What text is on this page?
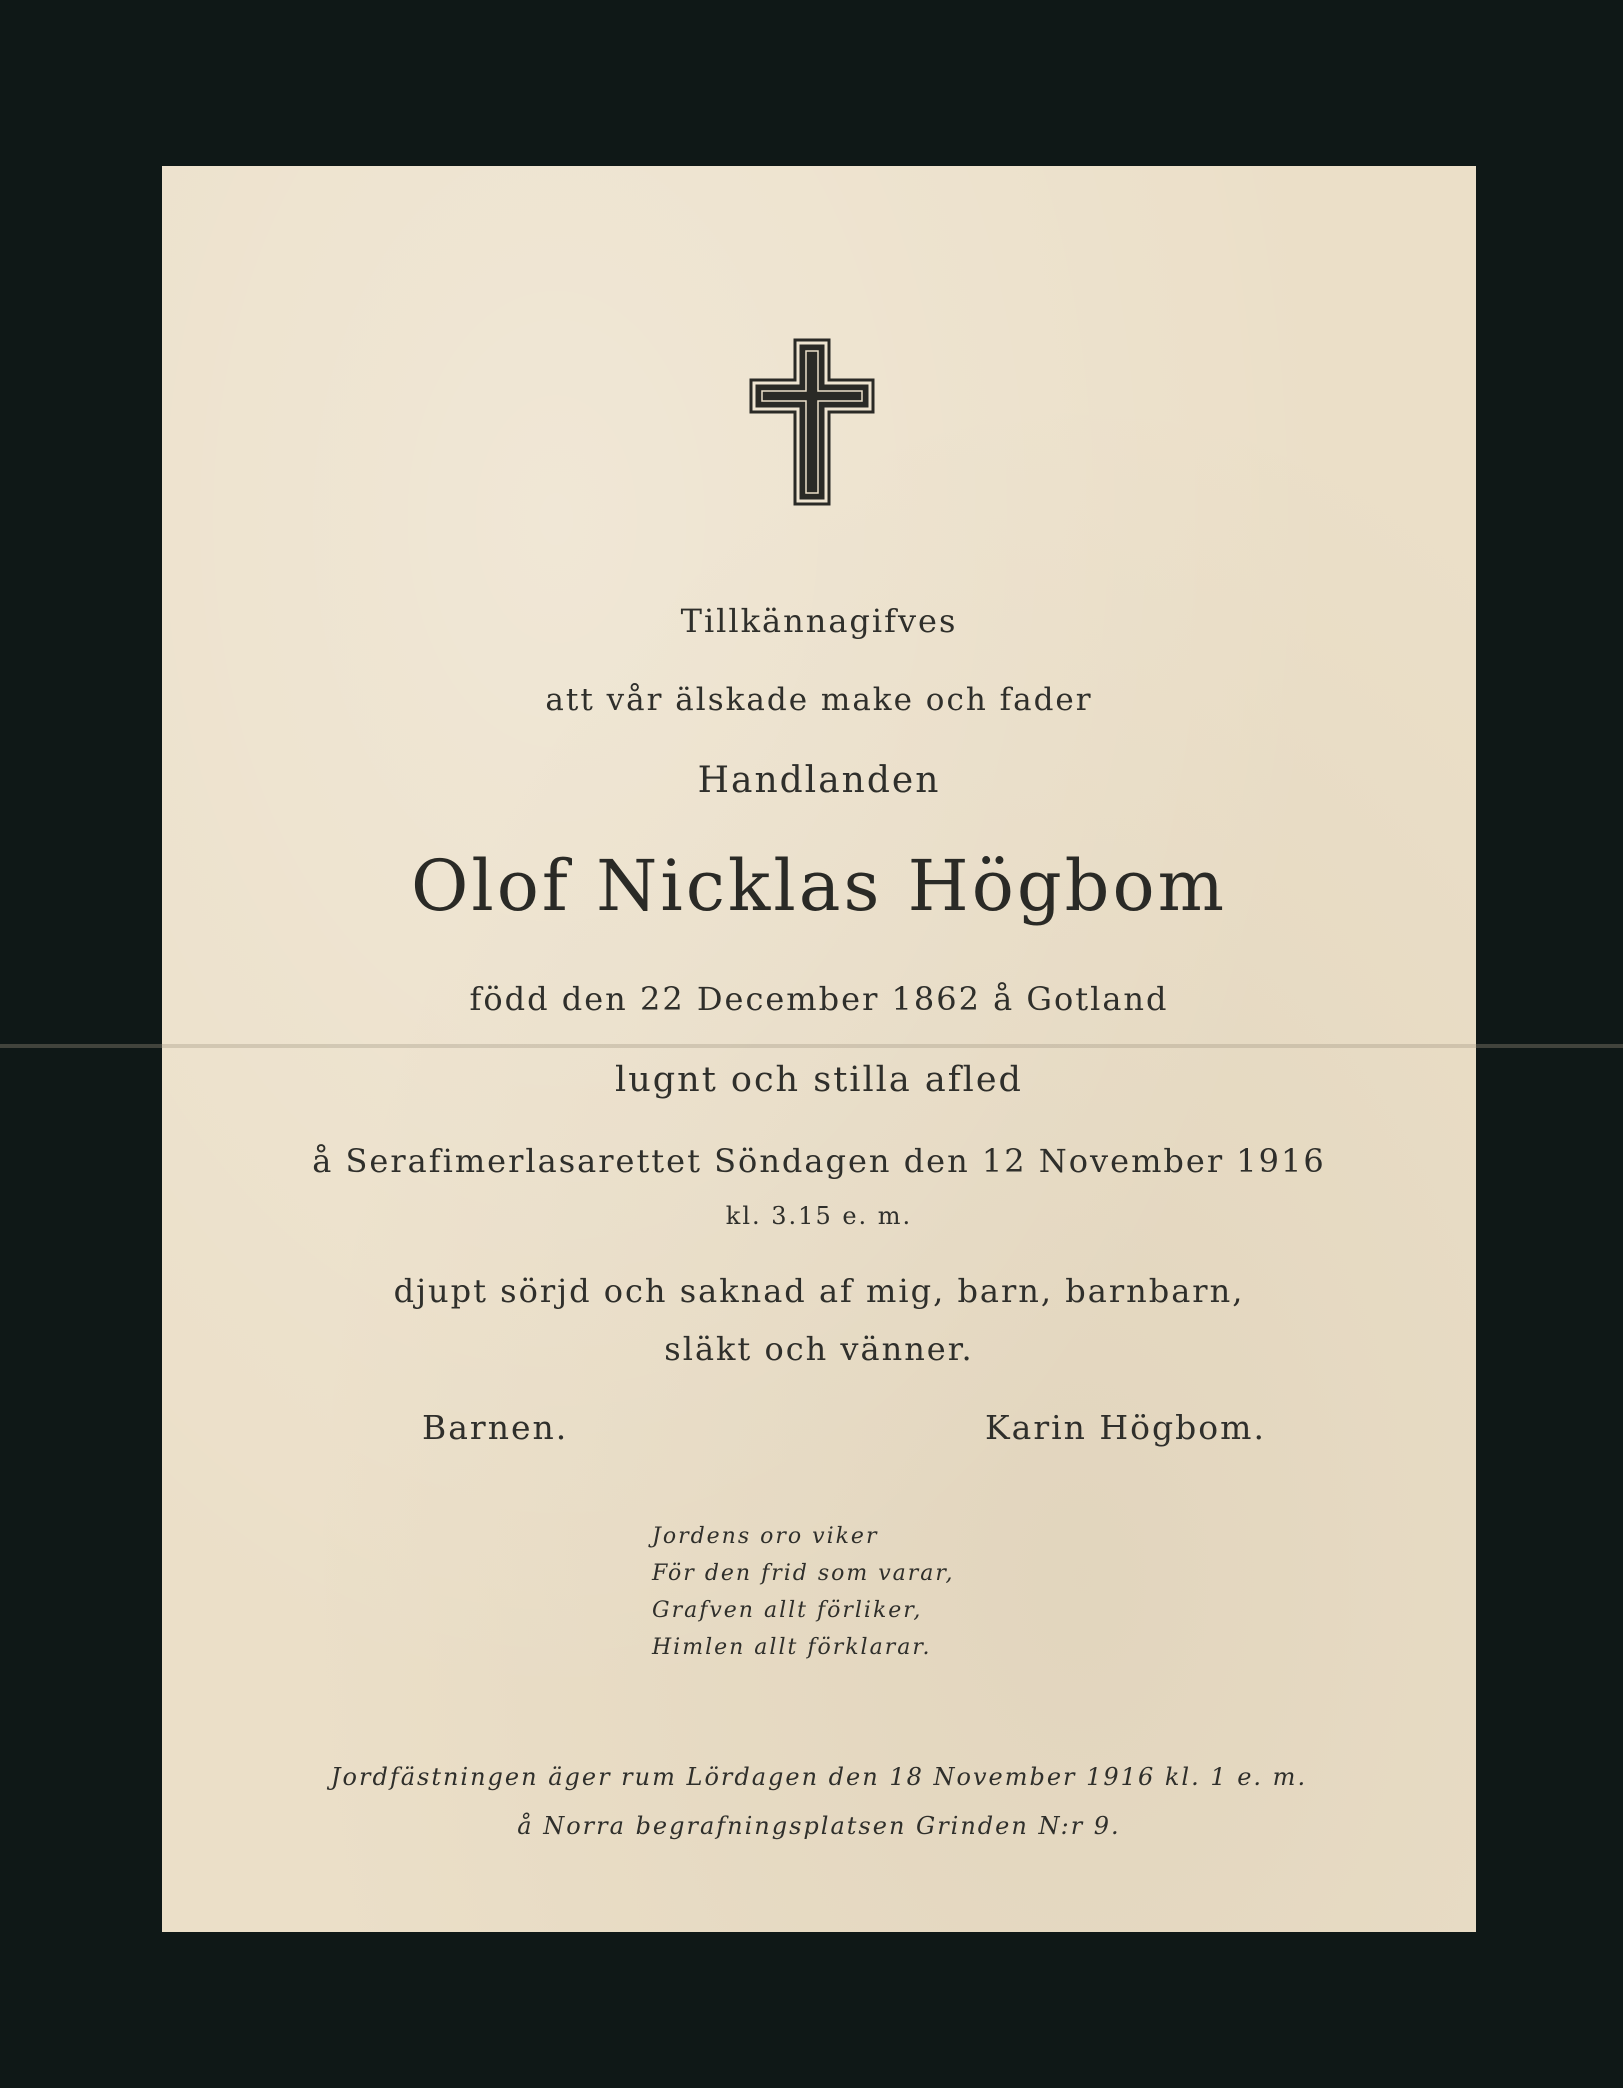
Tillkännagifves
att vår älskade make och fader
Handlanden
Olof Nicklas Högbom
född den 22 December 1862 å Gotland
lugnt och stilla afled
å Serafimerlasarettet Söndagen den 12 November 1916
kl. 3.15 e. m.
djupt sörjd och saknad af mig, barn, barnbarn,
släkt och vänner.
Barnen.	Karin Högbom.
Jordens oro viker
För den frid som varar,
Grafven allt förliker,
Himlen allt förklarar.
Jordfästningen äger rum Lördagen den 18 November 1916 kl. 1 e. m.
å Norra begrafningsplatsen Grinden N:r 9.
